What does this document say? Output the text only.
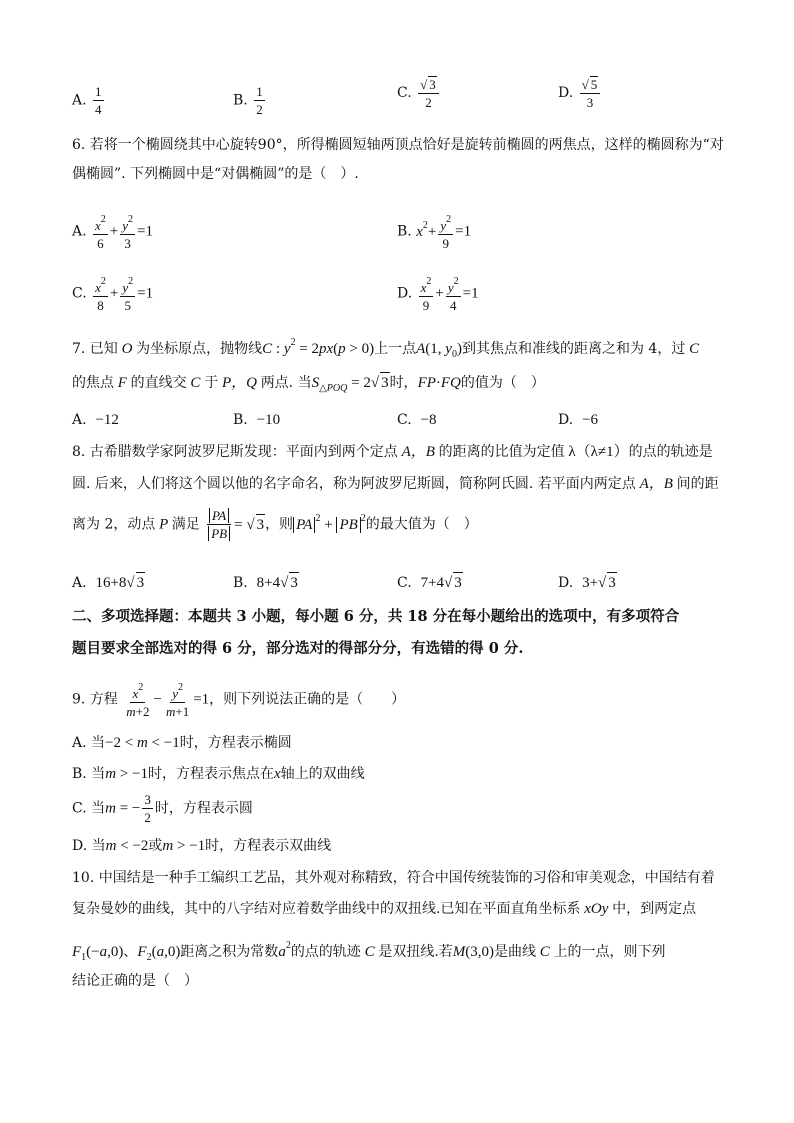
A. $\frac{1}{4}$	B. $\frac{1}{2}$	C. $\frac{√ 3}{2}$	D. $\frac{√ 5}{3}$
6. 若将一个椭圆绕其中心旋转90°，所得椭圆短轴两顶点恰好是旋转前椭圆的两焦点，这样的椭圆称为“对
偶椭圆”. 下列椭圆中是“对偶椭圆”的是（　）.
A. $\frac{x^2}{6} + \frac{y^2}{3} =1$	B. $x^2+ \frac{y^2}{9} =1$
C. $\frac{x^2}{8} + \frac{y^2}{5} =1$	D. $\frac{x^2}{9} + \frac{y^2}{4} =1$
7. 已知 O 为坐标原点，抛物线C : $y^2 = 2px(p > 0)$上一点A(1, $y_0$)到其焦点和准线的距离之和为 4，过 C
的焦点 F 的直线交 C 于 P，Q 两点. 当$S_{\triangle POQ} = 2√$ 3时，FP·FQ的值为（　）
A. −12	B. −10	C. −8	D. −6
8. 古希腊数学家阿波罗尼斯发现：平面内到两个定点 A，B 的距离的比值为定值 λ（λ≠1）的点的轨迹是
圆. 后来，人们将这个圆以他的名字命名，称为阿波罗尼斯圆，简称阿氏圆. 若平面内两定点 A，B 间的距
离为 2，动点 P 满足 $\frac{PA}{PB}$ = √ 3，则 PA $^2$ + PB $^2$的最大值为（　）
A. 16+8√ 3	B. 8+4√ 3	C. 7+4√ 3	D. 3+√ 3
二、多项选择题：本题共 3 小题，每小题 6 分，共 18 分在每小题给出的选项中，有多项符合
题目要求全部选对的得 6 分，部分选对的得部分分，有选错的得 0 分.
9. 方程 $\frac{x^2}{m+2} - \frac{y^2}{m+1} =1$，则下列说法正确的是（　　）
A. 当−2 < m < −1时，方程表示椭圆
B. 当m > −1时，方程表示焦点在x轴上的双曲线
C. 当m = − $\frac{3}{2}$ 时，方程表示圆
D. 当m < −2或m > −1时，方程表示双曲线
10. 中国结是一种手工编织工艺品，其外观对称精致，符合中国传统装饰的习俗和审美观念，中国结有着
复杂曼妙的曲线，其中的八字结对应着数学曲线中的双扭线.已知在平面直角坐标系 xOy 中，到两定点
$F_1(-a,0)$、$F_2(a,0)$距离之积为常数$a^2$的点的轨迹 C 是双扭线.若M(3,0)是曲线 C 上的一点，则下列
结论正确的是（　）
